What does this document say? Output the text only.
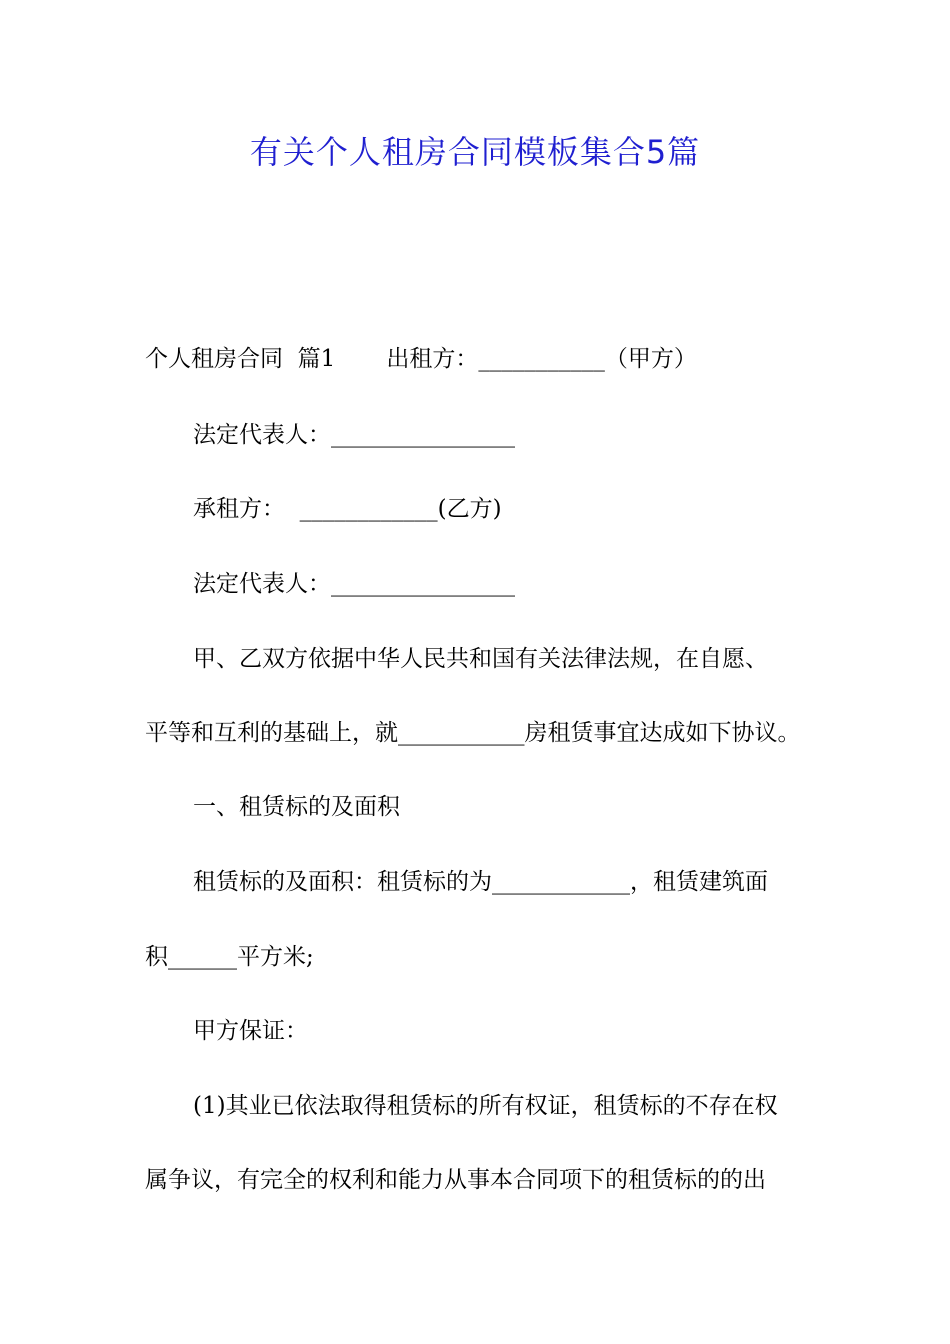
有关个人租房合同模板集合5篇
个人租房合同  篇1       出租方：___________（甲方）
法定代表人：________________
承租方：  ____________(乙方)
法定代表人：________________
甲、乙双方依据中华人民共和国有关法律法规，在自愿、
平等和互利的基础上，就___________房租赁事宜达成如下协议。
一、租赁标的及面积
租赁标的及面积：租赁标的为____________，租赁建筑面
积______平方米;
甲方保证：
(1)其业已依法取得租赁标的所有权证，租赁标的不存在权
属争议，有完全的权利和能力从事本合同项下的租赁标的的出
